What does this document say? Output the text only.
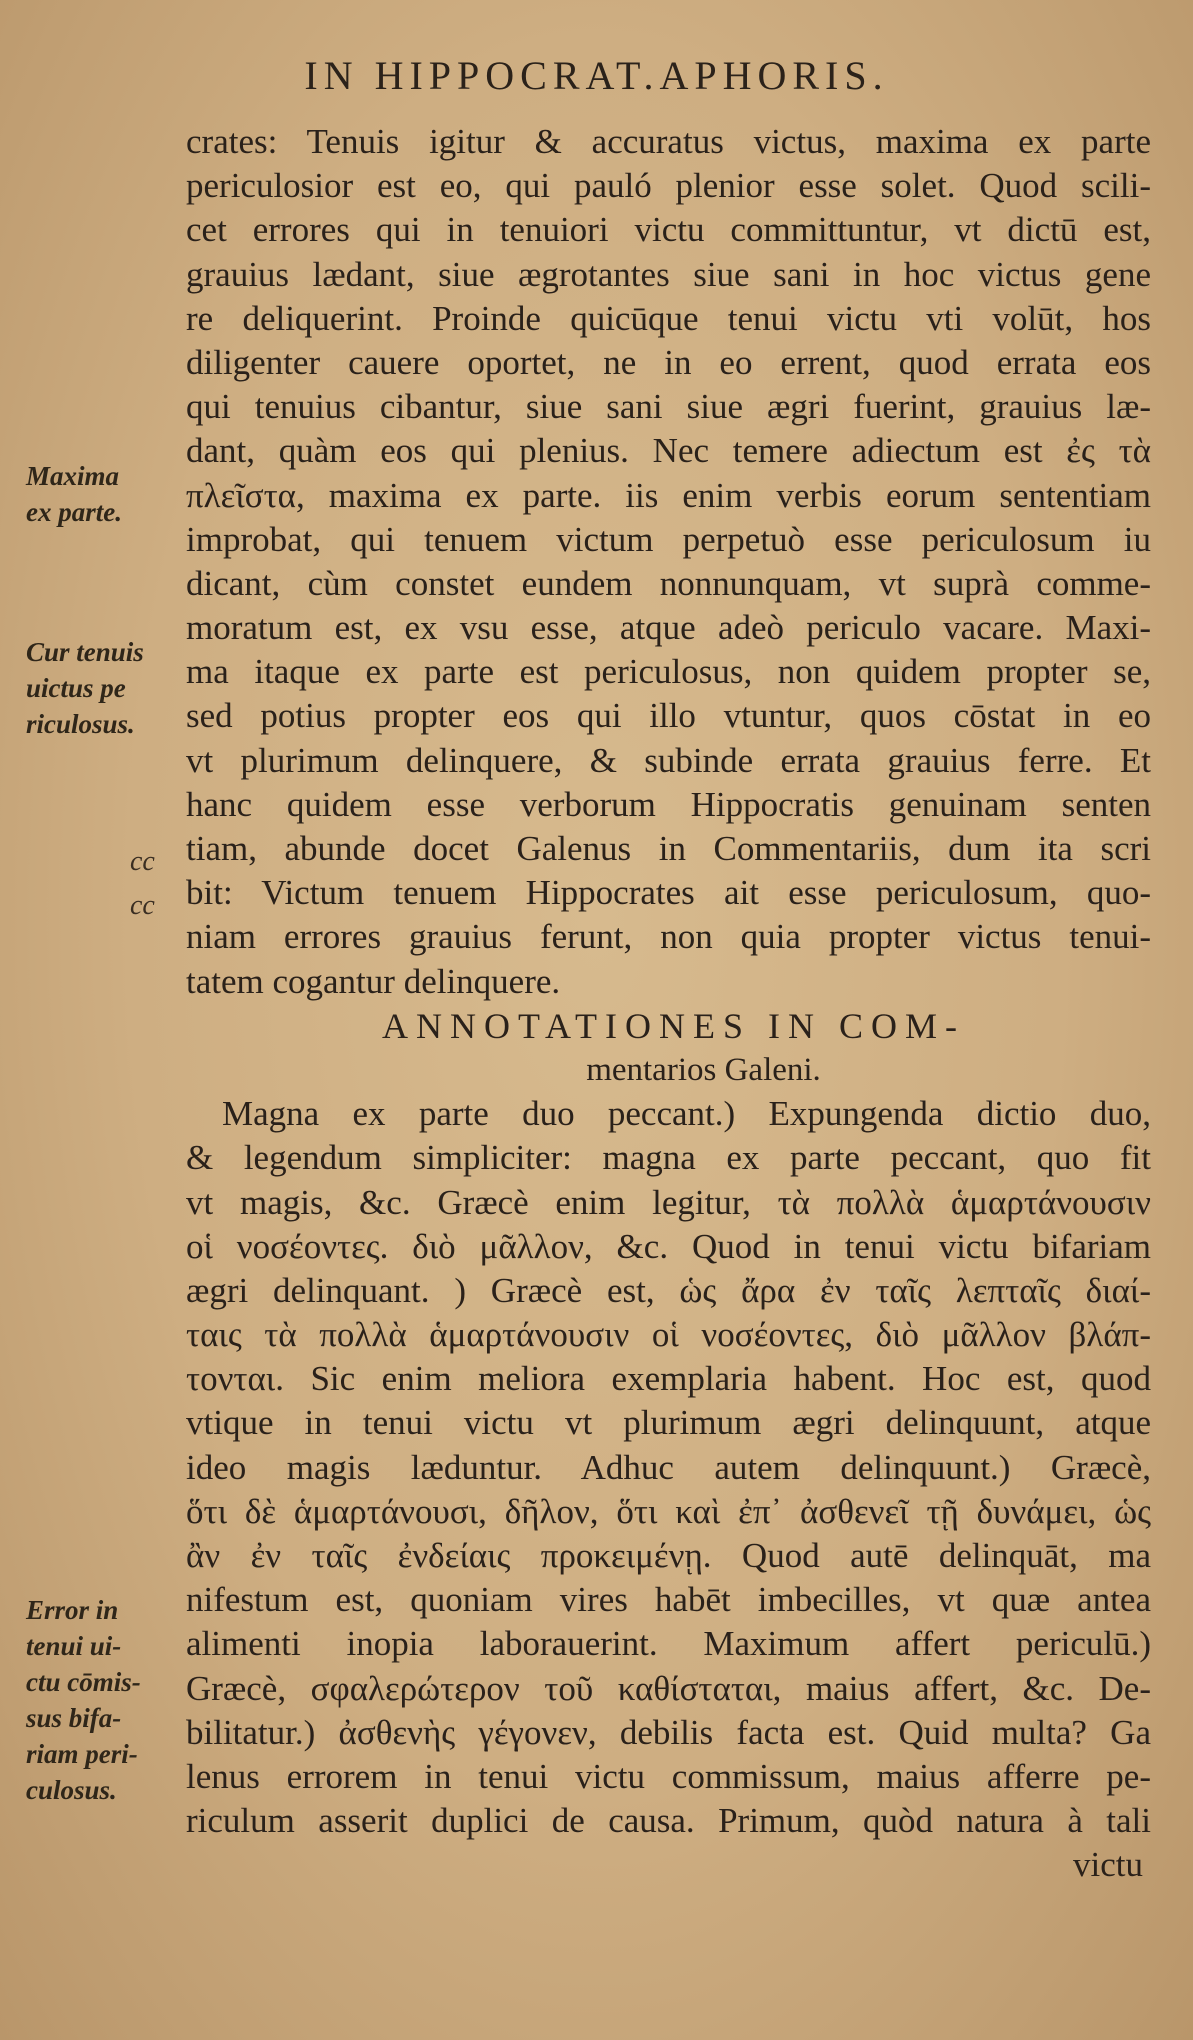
IN HIPPOCRAT.APHORIS.
Maxima
ex parte.
Cur tenuis
uictus pe
riculosus.
Error in
tenui ui-
ctu cōmis-
sus bifa-
riam peri-
culosus.
cc
cc
crates: Tenuis igitur & accuratus victus, maxima ex parte
periculosior est eo, qui pauló plenior esse solet. Quod scili-
cet errores qui in tenuiori victu committuntur, vt dictū est,
grauius lædant, siue ægrotantes siue sani in hoc victus gene
re deliquerint. Proinde quicūque tenui victu vti volūt, hos
diligenter cauere oportet, ne in eo errent, quod errata eos
qui tenuius cibantur, siue sani siue ægri fuerint, grauius læ-
dant, quàm eos qui plenius. Nec temere adiectum est ἐς τὰ
πλεῖστα, maxima ex parte. iis enim verbis eorum sententiam
improbat, qui tenuem victum perpetuò esse periculosum iu
dicant, cùm constet eundem nonnunquam, vt suprà comme-
moratum est, ex vsu esse, atque adeò periculo vacare. Maxi-
ma itaque ex parte est periculosus, non quidem propter se,
sed potius propter eos qui illo vtuntur, quos cōstat in eo
vt plurimum delinquere, & subinde errata grauius ferre. Et
hanc quidem esse verborum Hippocratis genuinam senten
tiam, abunde docet Galenus in Commentariis, dum ita scri
bit: Victum tenuem Hippocrates ait esse periculosum, quo-
niam errores grauius ferunt, non quia propter victus tenui-
tatem cogantur delinquere.
ANNOTATIONES IN COM-
mentarios Galeni.
Magna ex parte duo peccant.) Expungenda dictio duo,
& legendum simpliciter: magna ex parte peccant, quo fit
vt magis, &c. Græcè enim legitur, τὰ πολλὰ ἁμαρτάνουσιν
οἱ νοσέοντες. διὸ μᾶλλον, &c. Quod in tenui victu bifariam
ægri delinquant. ) Græcè est, ὡς ἄρα ἐν ταῖς λεπταῖς διαί-
ταις τὰ πολλὰ ἁμαρτάνουσιν οἱ νοσέοντες, διὸ μᾶλλον βλάπ-
τονται. Sic enim meliora exemplaria habent. Hoc est, quod
vtique in tenui victu vt plurimum ægri delinquunt, atque
ideo magis læduntur. Adhuc autem delinquunt.) Græcè,
ὅτι δὲ ἁμαρτάνουσι, δῆλον, ὅτι καὶ ἐπ᾽ ἀσθενεῖ τῇ δυνάμει, ὡς
ἂν ἐν ταῖς ἐνδείαις προκειμένῃ. Quod autē delinquāt, ma
nifestum est, quoniam vires habēt imbecilles, vt quæ antea
alimenti inopia laborauerint. Maximum affert periculū.)
Græcè, σφαλερώτερον τοῦ καθίσταται, maius affert, &c. De-
bilitatur.) ἀσθενὴς γέγονεν, debilis facta est. Quid multa? Ga
lenus errorem in tenui victu commissum, maius afferre pe-
riculum asserit duplici de causa. Primum, quòd natura à tali
victu
